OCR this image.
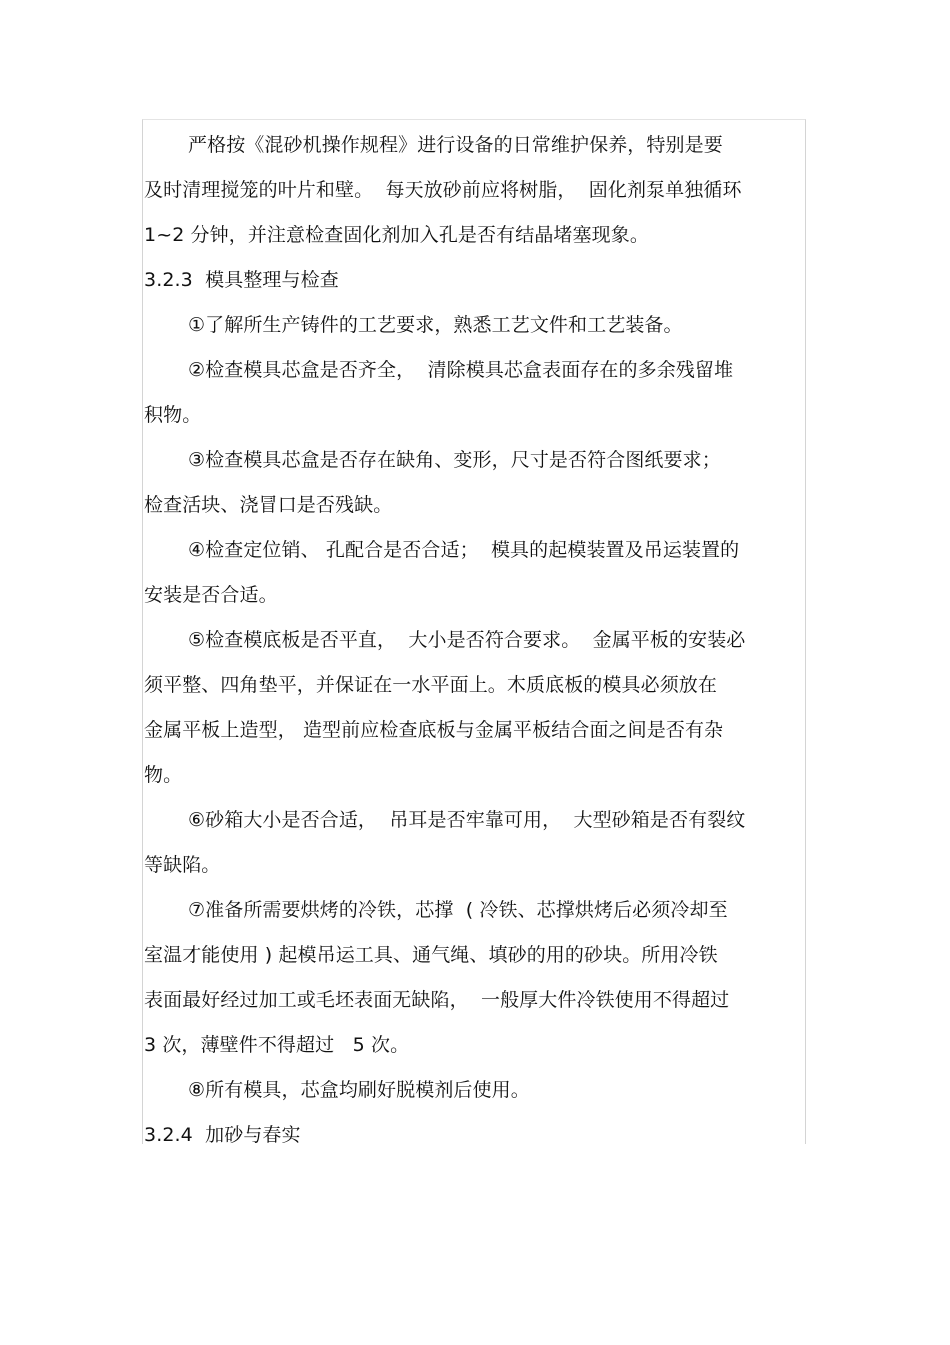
严格按《混砂机操作规程》进行设备的日常维护保养，特别是要
及时清理搅笼的叶片和壁。  每天放砂前应将树脂，  固化剂泵单独循环
1~2 分钟，并注意检查固化剂加入孔是否有结晶堵塞现象。
3.2.3  模具整理与检查
①了解所生产铸件的工艺要求，熟悉工艺文件和工艺装备。
②检查模具芯盒是否齐全，  清除模具芯盒表面存在的多余残留堆
积物。
③检查模具芯盒是否存在缺角、变形，尺寸是否符合图纸要求；
检查活块、浇冒口是否残缺。
④检查定位销、 孔配合是否合适；  模具的起模装置及吊运装置的
安装是否合适。
⑤检查模底板是否平直，  大小是否符合要求。  金属平板的安装必
须平整、四角垫平，并保证在一水平面上。木质底板的模具必须放在
金属平板上造型， 造型前应检查底板与金属平板结合面之间是否有杂
物。
⑥砂箱大小是否合适，  吊耳是否牢靠可用，  大型砂箱是否有裂纹
等缺陷。
⑦准备所需要烘烤的冷铁，芯撑  ( 冷铁、芯撑烘烤后必须冷却至
室温才能使用 ) 起模吊运工具、通气绳、填砂的用的砂块。所用冷铁
表面最好经过加工或毛坯表面无缺陷，  一般厚大件冷铁使用不得超过
3 次，薄壁件不得超过   5 次。
⑧所有模具，芯盒均刷好脱模剂后使用。
3.2.4  加砂与春实
